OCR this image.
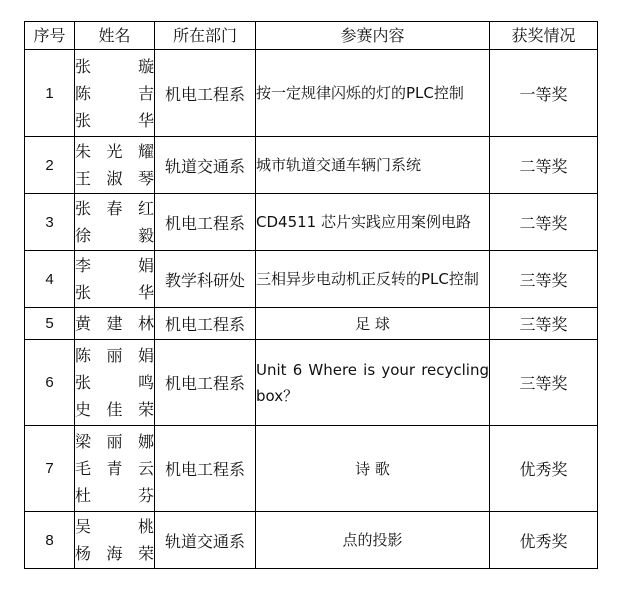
序号	姓名	所在部门	参赛内容	获奖情况
1	张 璇
陈 吉
张 华	机电工程系	按一定规律闪烁的灯的PLC控制	一等奖
2	朱光耀
王淑琴	轨道交通系	城市轨道交通车辆门系统	二等奖
3	张春红
徐 毅	机电工程系	CD4511 芯片实践应用案例电路	二等奖
4	李 娟
张 华	教学科研处	三相异步电动机正反转的PLC控制	三等奖
5	黄建林	机电工程系	足 球	三等奖
6	陈丽娟
张 鸣
史佳荣	机电工程系	Unit 6 Where is your recycling box？	三等奖
7	梁丽娜
毛青云
杜 芬	机电工程系	诗 歌	优秀奖
8	吴 桃
杨海荣	轨道交通系	点的投影	优秀奖
